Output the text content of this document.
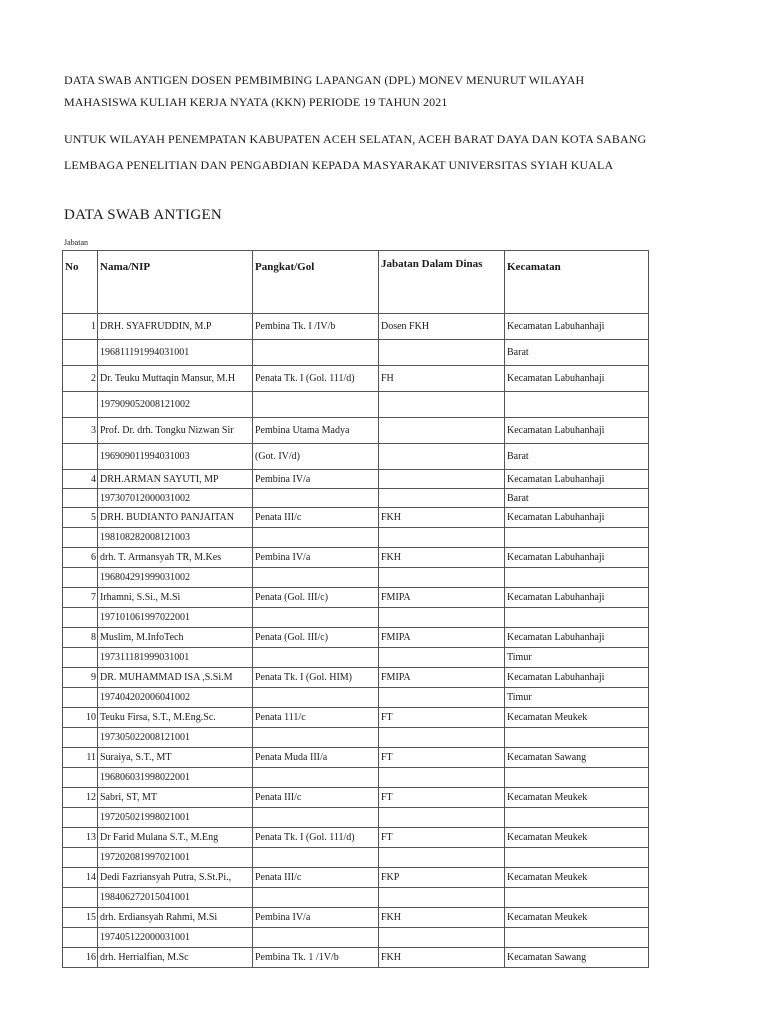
DATA SWAB ANTIGEN DOSEN PEMBIMBING LAPANGAN (DPL) MONEV MENURUT WILAYAH
MAHASISWA KULIAH KERJA NYATA (KKN) PERIODE 19 TAHUN 2021
UNTUK WILAYAH PENEMPATAN KABUPATEN ACEH SELATAN, ACEH BARAT DAYA DAN KOTA SABANG
LEMBAGA PENELITIAN DAN PENGABDIAN KEPADA MASYARAKAT UNIVERSITAS SYIAH KUALA
DATA SWAB ANTIGEN
Jabatan
No	Nama/NIP	Pangkat/Gol	Jabatan Dalam Dinas	Kecamatan
1	DRH. SYAFRUDDIN, M.P	Pembina Tk. I /IV/b	Dosen FKH	Kecamatan Labuhanhaji
	196811191994031001			Barat
2	Dr. Teuku Muttaqin Mansur, M.H	Penata Tk. I (Gol. 111/d)	FH	Kecamatan Labuhanhaji
	197909052008121002			
3	Prof. Dr. drh. Tongku Nizwan Sir	Pembina Utama Madya		Kecamatan Labuhanhaji
	196909011994031003	(Got. IV/d)		Barat
4	DRH.ARMAN SAYUTI, MP	Pembina IV/a		Kecamatan Labuhanhaji
	197307012000031002			Barat
5	DRH. BUDIANTO PANJAITAN	Penata III/c	FKH	Kecamatan Labuhanhaji
	198108282008121003			
6	drh. T. Armansyah TR, M.Kes	Pembina IV/a	FKH	Kecamatan Labuhanhaji
	196804291999031002			
7	Irhamni, S.Si., M.Si	Penata (Gol. III/c)	FMIPA	Kecamatan Labuhanhaji
	197101061997022001			
8	Muslim, M.InfoTech	Penata (Gol. III/c)	FMIPA	Kecamatan Labuhanhaji
	197311181999031001			Timur
9	DR. MUHAMMAD ISA ,S.Si.M	Penata Tk. I (Gol. HIM)	FMIPA	Kecamatan Labuhanhaji
	197404202006041002			Timur
10	Teuku Firsa, S.T., M.Eng.Sc.	Penata 111/c	FT	Kecamatan Meukek
	197305022008121001			
11	Suraiya, S.T., MT	Penata Muda III/a	FT	Kecamatan Sawang
	196806031998022001			
12	Sabri, ST, MT	Penata III/c	FT	Kecamatan Meukek
	197205021998021001			
13	Dr Farid Mulana S.T., M.Eng	Penata Tk. I (Gol. 111/d)	FT	Kecamatan Meukek
	197202081997021001			
14	Dedi Fazriansyah Putra, S.St.Pi.,	Penata III/c	FKP	Kecamatan Meukek
	198406272015041001			
15	drh. Erdiansyah Rahmi, M.Si	Pembina IV/a	FKH	Kecamatan Meukek
	197405122000031001			
16	drh. Herrialfian, M.Sc	Pembina Tk. 1 /1V/b	FKH	Kecamatan Sawang
